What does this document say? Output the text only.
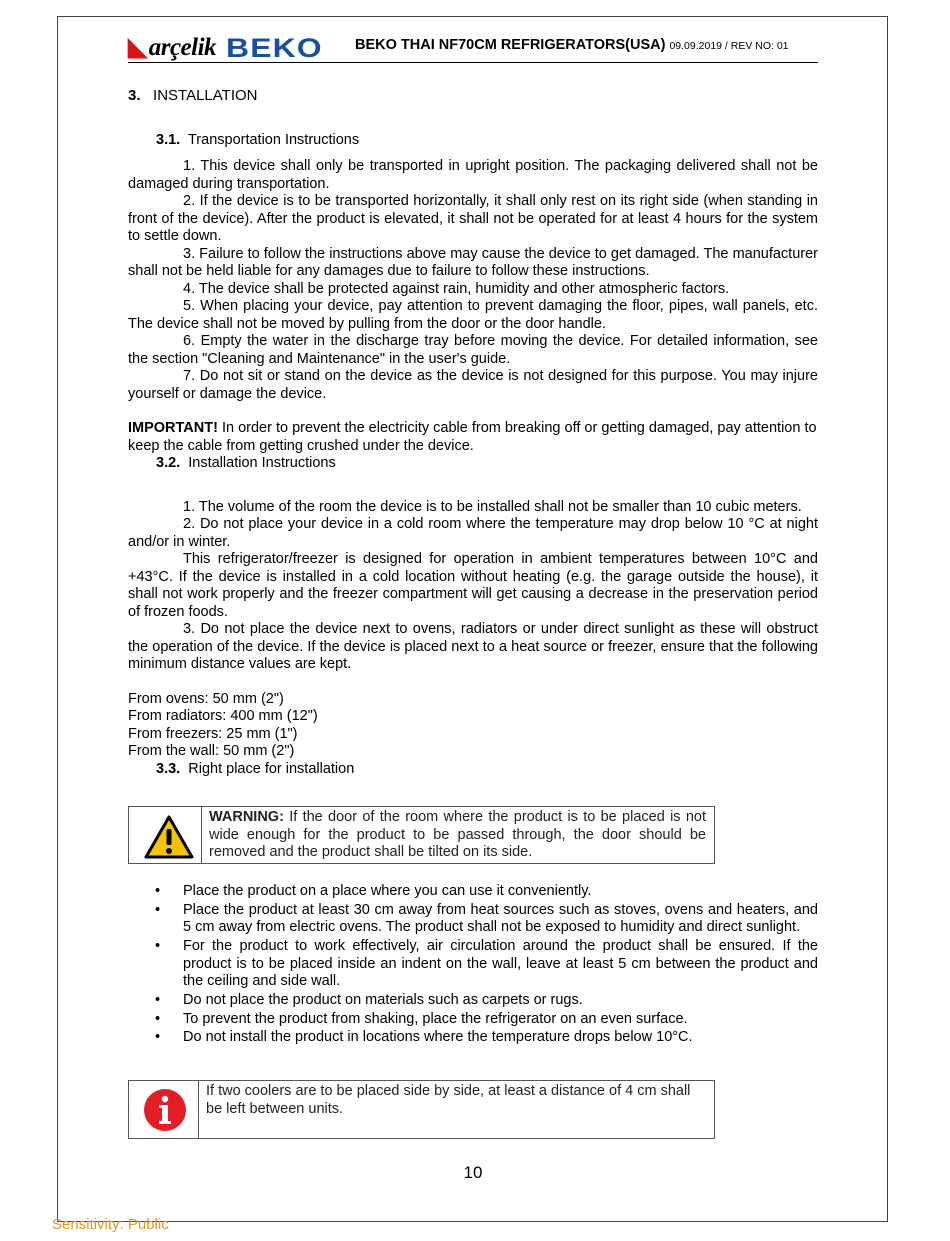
◣arçelik BEKO BEKO THAI NF70CM REFRIGERATORS(USA) 09.09.2019 / REV NO: 01
3. INSTALLATION
3.1. Transportation Instructions

1. This device shall only be transported in upright position. The packaging delivered shall not be damaged during transportation.

2. If the device is to be transported horizontally, it shall only rest on its right side (when standing in front of the device). After the product is elevated, it shall not be operated for at least 4 hours for the system to settle down.

3. Failure to follow the instructions above may cause the device to get damaged. The manufacturer shall not be held liable for any damages due to failure to follow these instructions.

4. The device shall be protected against rain, humidity and other atmospheric factors.

5. When placing your device, pay attention to prevent damaging the floor, pipes, wall panels, etc. The device shall not be moved by pulling from the door or the door handle.

6. Empty the water in the discharge tray before moving the device. For detailed information, see the section "Cleaning and Maintenance" in the user's guide.

7. Do not sit or stand on the device as the device is not designed for this purpose. You may injure yourself or damage the device.

IMPORTANT! In order to prevent the electricity cable from breaking off or getting damaged, pay attention to keep the cable from getting crushed under the device.

3.2. Installation Instructions

1. The volume of the room the device is to be installed shall not be smaller than 10 cubic meters.

2. Do not place your device in a cold room where the temperature may drop below 10 °C at night and/or in winter.

This refrigerator/freezer is designed for operation in ambient temperatures between 10°C and +43°C. If the device is installed in a cold location without heating (e.g. the garage outside the house), it shall not work properly and the freezer compartment will get causing a decrease in the preservation period of frozen foods.

3. Do not place the device next to ovens, radiators or under direct sunlight as these will obstruct the operation of the device. If the device is placed next to a heat source or freezer, ensure that the following minimum distance values are kept.

From ovens: 50 mm (2")
From radiators: 400 mm (12")
From freezers: 25 mm (1")
From the wall: 50 mm (2")
3.3. Right place for installation
WARNING: If the door of the room where the product is to be placed is not wide enough for the product to be passed through, the door should be removed and the product shall be tilted on its side.
• Place the product on a place where you can use it conveniently.
• Place the product at least 30 cm away from heat sources such as stoves, ovens and heaters, and 5 cm away from electric ovens. The product shall not be exposed to humidity and direct sunlight.
• For the product to work effectively, air circulation around the product shall be ensured. If the product is to be placed inside an indent on the wall, leave at least 5 cm between the product and the ceiling and side wall.
• Do not place the product on materials such as carpets or rugs.
• To prevent the product from shaking, place the refrigerator on an even surface.
• Do not install the product in locations where the temperature drops below 10°C.
If two coolers are to be placed side by side, at least a distance of 4 cm shall be left between units.
10
Sensitivity: Public
